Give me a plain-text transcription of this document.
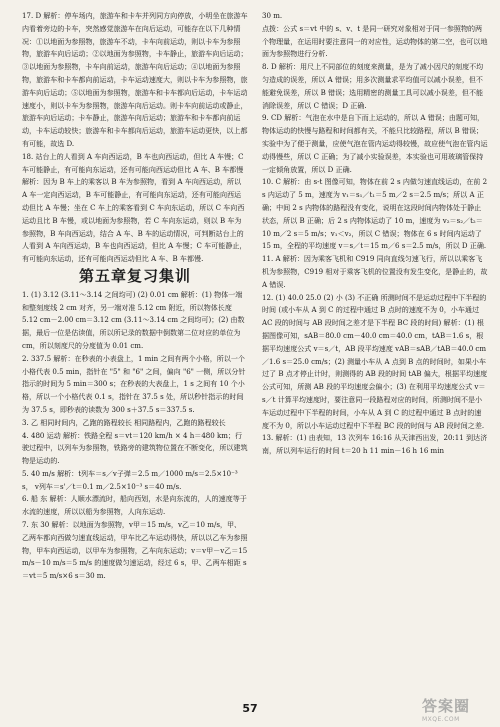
17. D 解析：停车场内，旅游车和卡车并列同方向停放，小明坐在旅游车内看着旁边的卡车，突然感觉旅游车在向后运动，可能存在以下几种情况：①以地面为参照物，旅游车不动，卡车向前运动，则以卡车为参照物，旅游车向后运动；②以地面为参照物，卡车静止，旅游车向后运动；③以地面为参照物，卡车向前运动，旅游车向后运动；④以地面为参照物，旅游车和卡车都向前运动，卡车运动速度大，则以卡车为参照物，旅游车向后运动；⑤以地面为参照物，旅游车和卡车都向后运动，卡车运动速度小，则以卡车为参照物，旅游车向后运动。则卡车向前运动或静止，旅游车向后运动；卡车静止，旅游车向后运动；旅游车和卡车都向前运动，卡车运动较快；旅游车和卡车都向后运动，旅游车运动更快，以上都有可能，故选 D.

18. 站台上的人看到 A 车向西运动，B 车也向西运动，但比 A 车慢；C 车可能静止，有可能向东运动，还有可能向西运动但比 A 车、B 车都慢 解析：因为 B 车上的乘客以 B 车为参照物，看到 A 车向西运动，所以 A 车一定向西运动，B 车可能静止，有可能向东运动，还有可能向西运动但比 A 车慢；坐在 C 车上的乘客看到 C 车向东运动，所以 C 车向西运动且比 B 车慢，或以地面为参照物，若 C 车向东运动，则以 B 车为参照物，B 车向西运动，结合 A 车、B 车的运动情况，可判断站台上的人看到 A 车向西运动，B 车也向西运动，但比 A 车慢；C 车可能静止，有可能向东运动，还有可能向西运动但比 A 车、B 车都慢.

第五章复习集训

1. (1) 3.12 (3.11～3.14 之间均可) (2) 0.01 cm 解析：(1) 物体一端和整刻度线 2 cm 对齐，另一端对准 5.12 cm 附近，所以物体长度 5.12 cm－2.00 cm＝3.12 cm (3.11～3.14 cm 之间均可)；(2) 由数据，最后一位是估读值，所以所记录的数据中倒数第二位对应的单位为 cm，所以刻度尺的分度值为 0.01 cm.

2. 337.5 解析：在秒表的小表盘上，1 min 之间有两个小格，所以一个小格代表 0.5 min，指针在 "5" 和 "6" 之间，偏向 "6" 一侧，所以分针指示的时间为 5 min＝300 s；在秒表的大表盘上，1 s 之间有 10 个小格，所以一个小格代表 0.1 s，指针在 37.5 s 处，所以秒针指示的时间为 37.5 s，即秒表的读数为 300 s＋37.5 s＝337.5 s.

3. 乙 相同时间内，乙跑的路程较长 相同路程内，乙跑的路程较长

4. 480 运动 解析：铁路全程 s＝vt＝120 km/h × 4 h＝480 km；行驶过程中，以列车为参照物，铁路旁的建筑物位置在不断变化，所以建筑物是运动的.

5. 40 m/s 解析：t列车＝s／v子弹＝2.5 m／1000 m/s＝2.5×10⁻³ s， v列车＝s'／t＝0.1 m／2.5×10⁻³ s＝40 m/s.

6. 船 东 解析：人顺水漂流时，船向西划，水是向东流的，人的速度等于水流的速度，所以以船为参照物，人向东运动.

7. 东 30 解析：以地面为参照物，v甲＝15 m/s，v乙＝10 m/s，甲、乙两车都向西做匀速直线运动，甲车比乙车运动得快，所以以乙车为参照物，甲车向西运动，以甲车为参照物，乙车向东运动；v＝v甲－v乙＝15 m/s－10 m/s＝5 m/s 的速度做匀速运动，经过 6 s，甲、乙两车相距 s＝vt＝5 m/s×6 s＝30 m.

30 m.

点拨：公式 s＝vt 中的 s、v、t 是同一研究对象相对于同一参照物的两个物理量，在运用时要注意同一的对应性，运动物体的第二空，也可以地面为参照物进行分析.

8. D 解析：用尺上不同部位的刻度来测量，是为了减小因尺的刻度不均匀造成的误差，所以 A 错误；用多次测量求平均值可以减小误差，但不能避免误差，所以 B 错误；选用精密的测量工具可以减小误差，但不能消除误差，所以 C 错误；D 正确.

9. CD 解析：气泡在水中是自下而上运动的，所以 A 错误；由题可知，物体运动的快慢与路程和时间都有关，不能只比较路程，所以 B 错误；实验中为了便于测量，应使气泡在管内运动得较慢，故应使气泡在管内运动得慢些，所以 C 正确；为了减小实验误差，本实验也可用玻璃管保持一定倾角放置，所以 D 正确.

10. C 解析：由 s-t 图像可知，物体在前 2 s 内做匀速直线运动，在前 2 s 内运动了 5 m，速度为 v₁＝s₁／t₁＝5 m／2 s＝2.5 m/s；所以 A 正确；中间 2 s 内物体的路程没有变化，说明在这段时间内物体处于静止状态，所以 B 正确；后 2 s 内物体运动了 10 m，速度为 v₂＝s₂／t₂＝10 m／2 s＝5 m/s；v₁＜v₂，所以 C 错误；物体在 6 s 时间内运动了 15 m，全程的平均速度 v＝s／t＝15 m／6 s＝2.5 m/s，所以 D 正确.

11. A 解析：因为乘客飞机和 C919 同向直线匀速飞行，所以以乘客飞机为参照物，C919 相对于乘客飞机的位置没有发生变化，是静止的，故 A 错误.

12. (1) 40.0 25.0 (2) 小 (3) 不正确 所测时间不是运动过程中下半程的时间 (或小车从 A 到 C 的过程中通过 B 点时的速度不为 0，小车通过 AC 段的时间与 AB 段时间之差才是下半程 BC 段的时间) 解析：(1) 根据图像可知，sAB＝80.0 cm－40.0 cm＝40.0 cm，tAB＝1.6 s，根据平均速度公式 v＝s／t，AB 段平均速度 vAB＝sAB／tAB＝40.0 cm／1.6 s＝25.0 cm/s；(2) 测量小车从 A 点到 B 点的时间时，如果小车过了 B 点才停止计时，则测得的 AB 段的时间 tAB 偏大，根据平均速度公式可知，所测 AB 段的平均速度会偏小；(3) 在利用平均速度公式 v＝s／t 计算平均速度时，要注意同一段路程对应的时间，所测时间不是小车运动过程中下半程的时间，小车从 A 到 C 的过程中通过 B 点时的速度不为 0，所以小车运动过程中下半程 BC 段的时间与 AB 段时间之差.

13. 解析：(1) 由表知，13 次列车 16:16 从天津西出发，20:11 到达济南，所以列车运行的时间 t＝20 h 11 min－16 h 16 min

57	答案圈
MXQE.COM
